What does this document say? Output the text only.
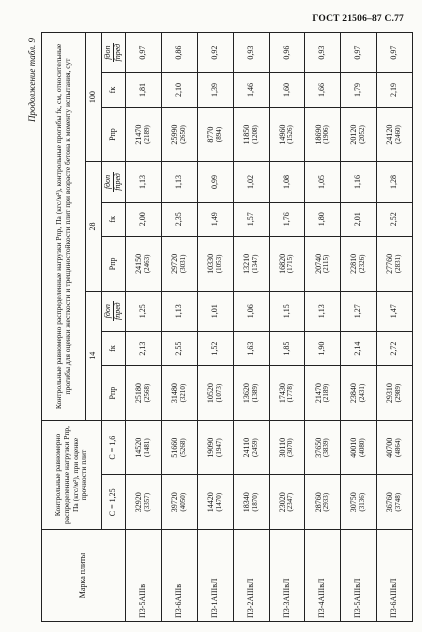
ГОСТ 21506–87 С.77
Продолжение табл. 9
Марка плиты	Контрольные равномерно распределенные нагрузки Рпр, Па (кгс/м²), при оценке прочности плит		Контрольные равномерно распределенные нагрузки Рпр, Па (кгс/м²), контрольные прогибы fк, см, относительные прогибы для оценки жесткости и трещиностойкости плит при возрасте бетона к моменту испытания, сут								
			14			28			100		
	C = 1,25	C = 1,6	Pпр	fк	fдоп fпред	Pпр	fк	fдоп fпред	Pпр	fк	fдоп fпред

П3-5АIIIв	32920 (3357)	14520 (1481)	25180 (2568)	2,13	1,25	24150 (2463)	2,00	1,13	21470 (2189)	1,81	0,97
П3-6АIIIв	39720 (4050)	51660 (5268)	31480 (3210)	2,55	1,13	29720 (3031)	2,35	1,13	25990 (2650)	2,10	0,86
П3-1АIIIвЛ	14420 (1470)	19090 (1947)	10520 (1073)	1,52	1,01	10330 (1053)	1,49	0,99	8770 (894)	1,39	0,92
П3-2АIIIвЛ	18340 (1870)	24110 (2459)	13620 (1389)	1,63	1,06	13210 (1347)	1,57	1,02	11850 (1208)	1,46	0,93
П3-3АIIIвЛ	23020 (2347)	30110 (3070)	17430 (1778)	1,85	1,15	16820 (1715)	1,76	1,08	14960 (1526)	1,60	0,96
П3-4АIIIвЛ	28760 (2933)	37650 (3839)	21470 (2189)	1,90	1,13	20740 (2115)	1,80	1,05	18690 (1906)	1,66	0,93
П3-5АIIIвЛ	30750 (3136)	40010 (4080)	23840 (2431)	2,14	1,27	22810 (2326)	2,01	1,16	20120 (2052)	1,79	0,97
П3-6АIIIвЛ	36760 (3748)	40700 (4864)	29310 (2989)	2,72	1,47	27760 (2831)	2,52	1,28	24120 (2460)	2,19	0,97
